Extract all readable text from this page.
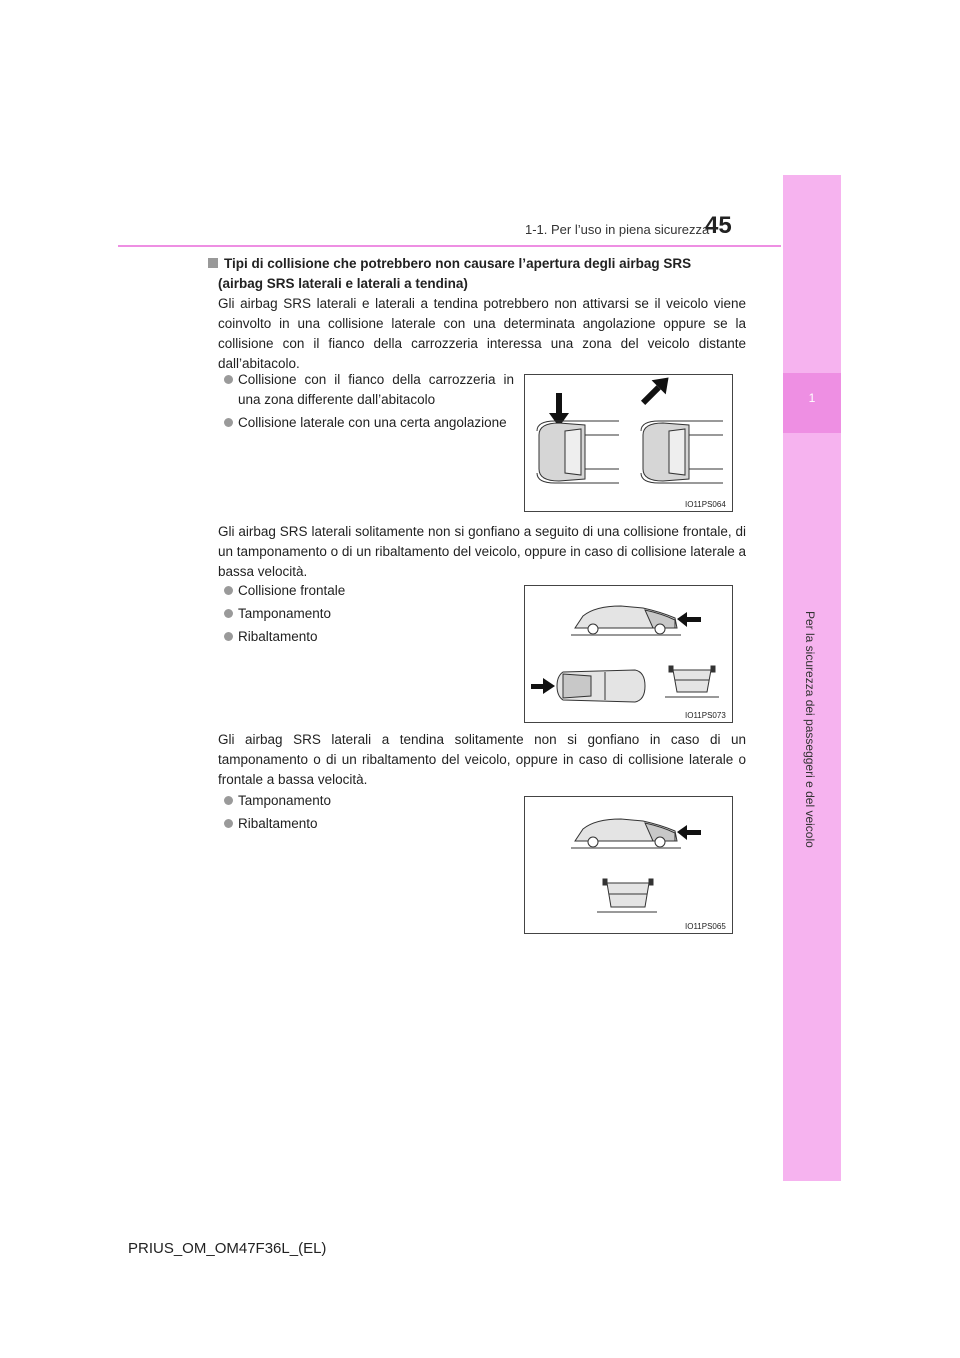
1
Per la sicurezza dei passeggeri e del veicolo
1-1. Per l’uso in piena sicurezza
45
Tipi di collisione che potrebbero non causare l’apertura degli airbag SRS
(airbag SRS laterali e laterali a tendina)
Gli airbag SRS laterali e laterali a tendina potrebbero non attivarsi se il veicolo viene coinvolto in una collisione laterale con una determinata angolazione oppure se la collisione con il fianco della carrozzeria interessa una zona del veicolo distante dall’abitacolo.
Collisione con il fianco della carrozzeria in una zona differente dall’abitacolo
Collisione laterale con una certa angolazione
IO11PS064
Gli airbag SRS laterali solitamente non si gonfiano a seguito di una collisione frontale, di un tamponamento o di un ribaltamento del veicolo, oppure in caso di collisione laterale a bassa velocità.
Collisione frontale
Tamponamento
Ribaltamento
IO11PS073
Gli airbag SRS laterali a tendina solitamente non si gonfiano in caso di un tamponamento o di un ribaltamento del veicolo, oppure in caso di collisione laterale o frontale a bassa velocità.
Tamponamento
Ribaltamento
IO11PS065
PRIUS_OM_OM47F36L_(EL)
